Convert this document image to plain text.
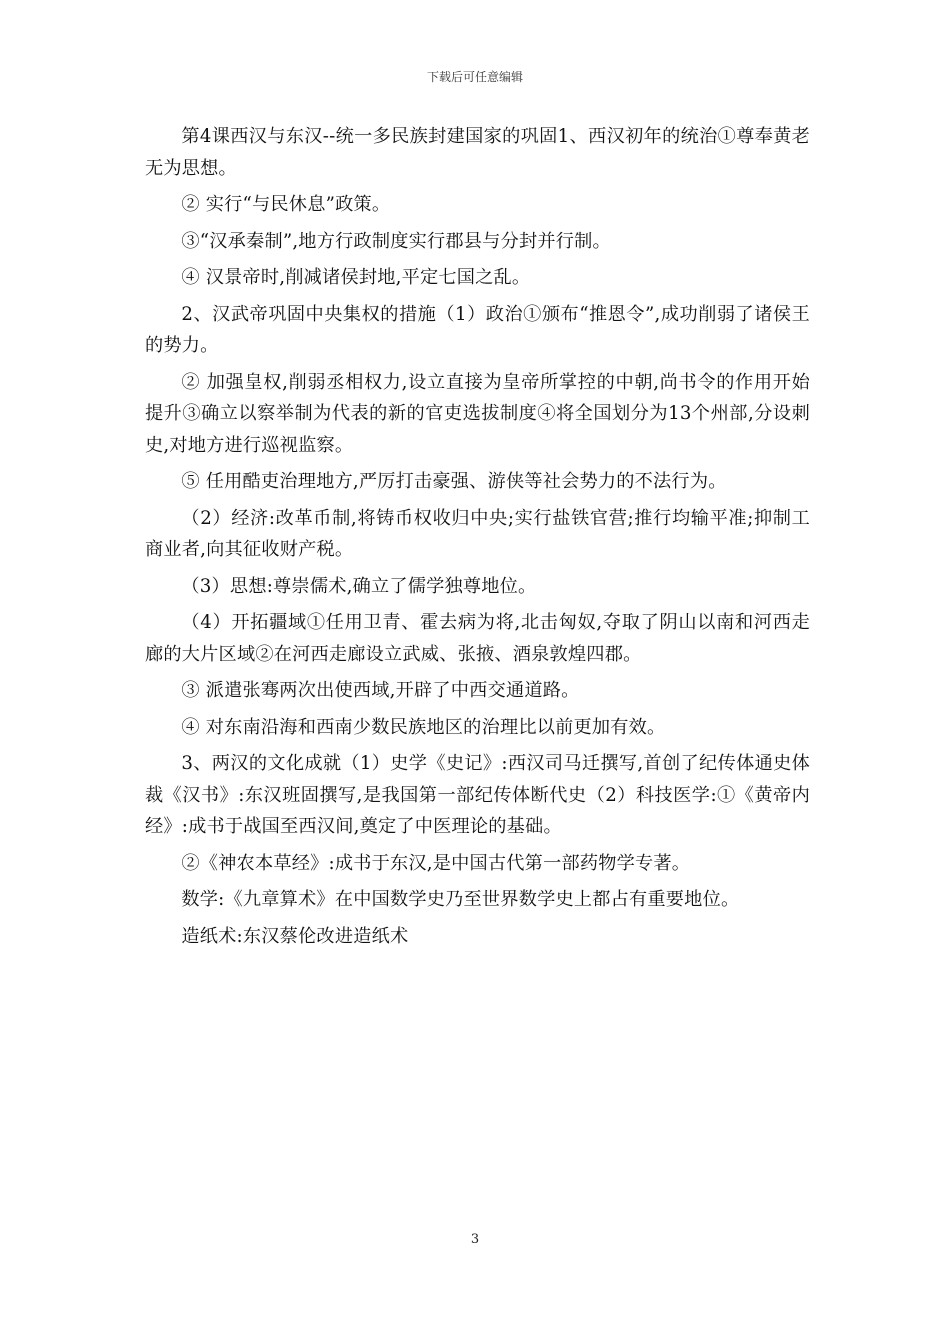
下载后可任意编辑

第4课西汉与东汉--统一多民族封建国家的巩固1、西汉初年的统治①尊奉黄老无为思想。

② 实行“与民休息”政策。

③“汉承秦制”,地方行政制度实行郡县与分封并行制。

④ 汉景帝时,削减诸侯封地,平定七国之乱。

2、汉武帝巩固中央集权的措施（1）政治①颁布“推恩令”,成功削弱了诸侯王的势力。

② 加强皇权,削弱丞相权力,设立直接为皇帝所掌控的中朝,尚书令的作用开始提升③确立以察举制为代表的新的官吏选拔制度④将全国划分为13个州部,分设刺史,对地方进行巡视监察。

⑤ 任用酷吏治理地方,严厉打击豪强、游侠等社会势力的不法行为。

（2）经济:改革币制,将铸币权收归中央;实行盐铁官营;推行均输平准;抑制工商业者,向其征收财产税。

（3）思想:尊崇儒术,确立了儒学独尊地位。

（4）开拓疆域①任用卫青、霍去病为将,北击匈奴,夺取了阴山以南和河西走廊的大片区域②在河西走廊设立武威、张掖、酒泉敦煌四郡。

③ 派遣张骞两次出使西域,开辟了中西交通道路。

④ 对东南沿海和西南少数民族地区的治理比以前更加有效。

3、两汉的文化成就（1）史学《史记》:西汉司马迁撰写,首创了纪传体通史体裁《汉书》:东汉班固撰写,是我国第一部纪传体断代史（2）科技医学:①《黄帝内经》:成书于战国至西汉间,奠定了中医理论的基础。

②《神农本草经》:成书于东汉,是中国古代第一部药物学专著。

数学:《九章算术》在中国数学史乃至世界数学史上都占有重要地位。

造纸术:东汉蔡伦改进造纸术

3
